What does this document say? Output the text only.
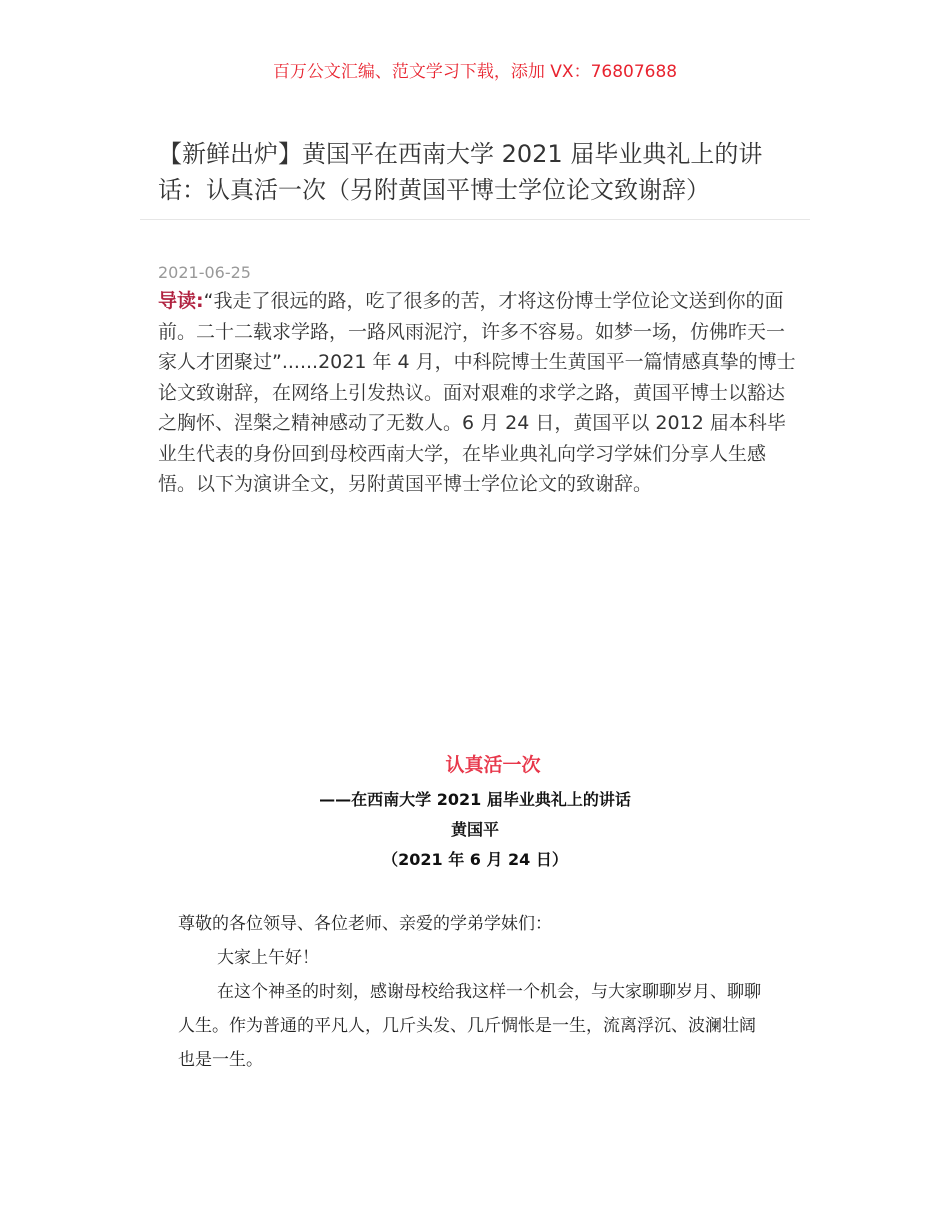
百万公文汇编、范文学习下载，添加 VX：76807688
【新鲜出炉】黄国平在西南大学 2021 届毕业典礼上的讲话：认真活一次（另附黄国平博士学位论文致谢辞）
2021-06-25

导读:“我走了很远的路，吃了很多的苦，才将这份博士学位论文送到你的面前。二十二载求学路，一路风雨泥泞，许多不容易。如梦一场，仿佛昨天一家人才团聚过”......2021 年 4 月，中科院博士生黄国平一篇情感真挚的博士论文致谢辞，在网络上引发热议。面对艰难的求学之路，黄国平博士以豁达之胸怀、涅槃之精神感动了无数人。6 月 24 日，黄国平以 2012 届本科毕业生代表的身份回到母校西南大学，在毕业典礼向学习学妹们分享人生感悟。以下为演讲全文，另附黄国平博士学位论文的致谢辞。

认真活一次
——在西南大学 2021 届毕业典礼上的讲话
黄国平
（2021 年 6 月 24 日）
尊敬的各位领导、各位老师、亲爱的学弟学妹们：
大家上午好！
在这个神圣的时刻，感谢母校给我这样一个机会，与大家聊聊岁月、聊聊人生。作为普通的平凡人，几斤头发、几斤惆怅是一生，流离浮沉、波澜壮阔也是一生。
